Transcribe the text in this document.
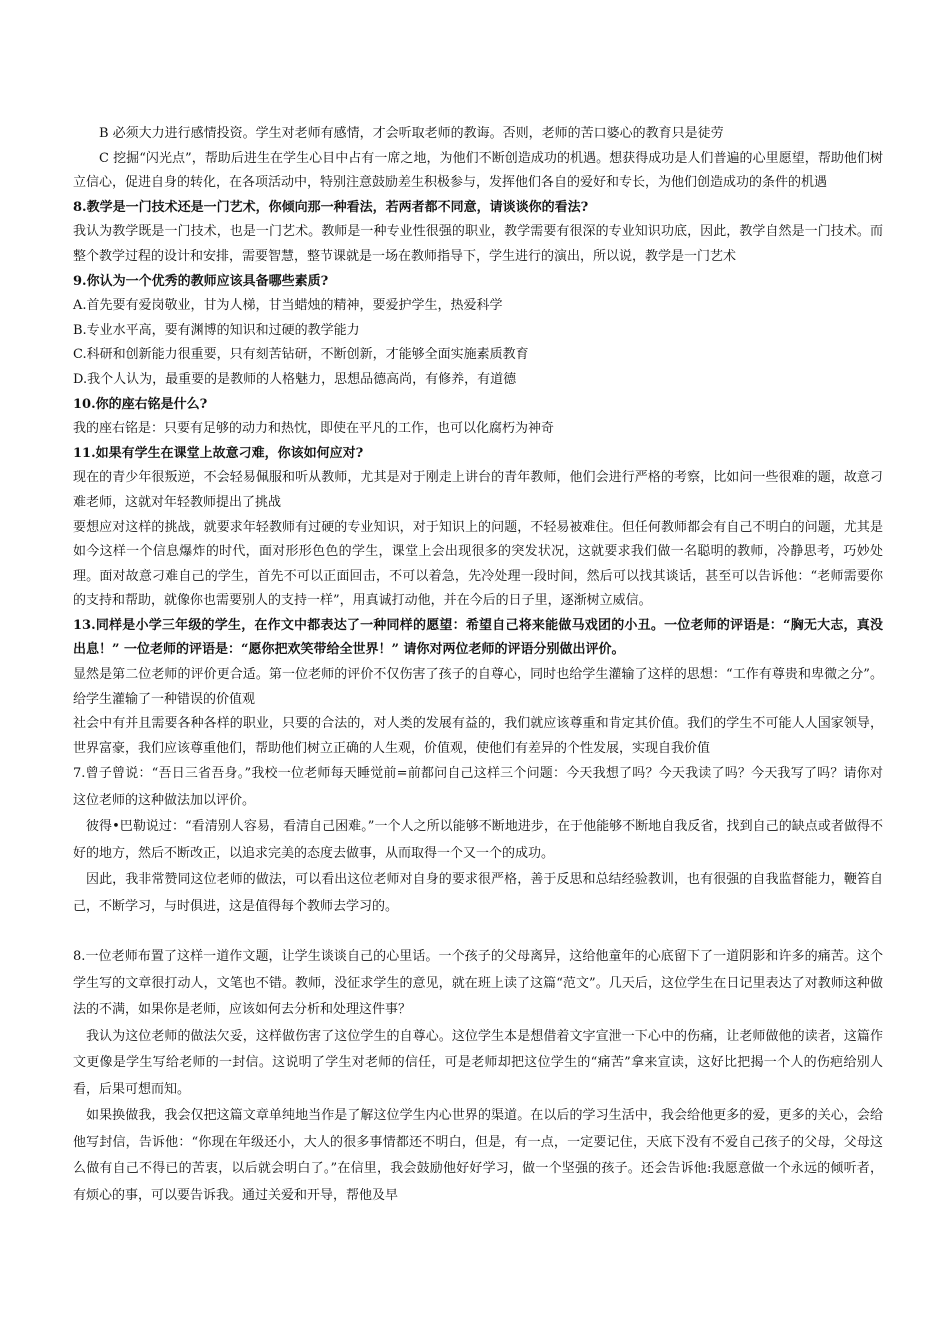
B 必须大力进行感情投资。学生对老师有感情，才会听取老师的教诲。否则，老师的苦口婆心的教育只是徒劳

C 挖掘“闪光点”，帮助后进生在学生心目中占有一席之地，为他们不断创造成功的机遇。想获得成功是人们普遍的心里愿望，帮助他们树立信心，促进自身的转化，在各项活动中，特别注意鼓励差生积极参与，发挥他们各自的爱好和专长，为他们创造成功的条件的机遇

8.教学是一门技术还是一门艺术，你倾向那一种看法，若两者都不同意，请谈谈你的看法?

我认为教学既是一门技术，也是一门艺术。教师是一种专业性很强的职业，教学需要有很深的专业知识功底，因此，教学自然是一门技术。而整个教学过程的设计和安排，需要智慧，整节课就是一场在教师指导下，学生进行的演出，所以说，教学是一门艺术

9.你认为一个优秀的教师应该具备哪些素质?

A.首先要有爱岗敬业，甘为人梯，甘当蜡烛的精神，要爱护学生，热爱科学

B.专业水平高，要有渊博的知识和过硬的教学能力

C.科研和创新能力很重要，只有刻苦钻研，不断创新，才能够全面实施素质教育

D.我个人认为，最重要的是教师的人格魅力，思想品德高尚，有修养，有道德

10.你的座右铭是什么?

我的座右铭是：只要有足够的动力和热忱，即使在平凡的工作，也可以化腐朽为神奇

11.如果有学生在课堂上故意刁难，你该如何应对?

现在的青少年很叛逆，不会轻易佩服和听从教师，尤其是对于刚走上讲台的青年教师，他们会进行严格的考察，比如问一些很难的题，故意刁难老师，这就对年轻教师提出了挑战

要想应对这样的挑战，就要求年轻教师有过硬的专业知识，对于知识上的问题，不轻易被难住。但任何教师都会有自己不明白的问题，尤其是如今这样一个信息爆炸的时代，面对形形色色的学生，课堂上会出现很多的突发状况，这就要求我们做一名聪明的教师，冷静思考，巧妙处理。面对故意刁难自己的学生，首先不可以正面回击，不可以着急，先冷处理一段时间，然后可以找其谈话，甚至可以告诉他：“老师需要你的支持和帮助，就像你也需要别人的支持一样”，用真诚打动他，并在今后的日子里，逐渐树立威信。

13.同样是小学三年级的学生，在作文中都表达了一种同样的愿望：希望自己将来能做马戏团的小丑。一位老师的评语是：“胸无大志，真没出息！” 一位老师的评语是：“愿你把欢笑带给全世界！” 请你对两位老师的评语分别做出评价。

显然是第二位老师的评价更合适。第一位老师的评价不仅伤害了孩子的自尊心，同时也给学生灌输了这样的思想：“工作有尊贵和卑微之分”。给学生灌输了一种错误的价值观

社会中有并且需要各种各样的职业，只要的合法的，对人类的发展有益的，我们就应该尊重和肯定其价值。我们的学生不可能人人国家领导，世界富豪，我们应该尊重他们，帮助他们树立正确的人生观，价值观，使他们有差异的个性发展，实现自我价值

7.曾子曾说：“吾日三省吾身。”我校一位老师每天睡觉前=前都问自己这样三个问题：今天我想了吗？今天我读了吗？今天我写了吗？请你对这位老师的这种做法加以评价。

彼得•巴勒说过：“看清别人容易，看清自己困难。”一个人之所以能够不断地进步，在于他能够不断地自我反省，找到自己的缺点或者做得不好的地方，然后不断改正，以追求完美的态度去做事，从而取得一个又一个的成功。

因此，我非常赞同这位老师的做法，可以看出这位老师对自身的要求很严格，善于反思和总结经验教训，也有很强的自我监督能力，鞭笞自己，不断学习，与时俱进，这是值得每个教师去学习的。

8.一位老师布置了这样一道作文题，让学生谈谈自己的心里话。一个孩子的父母离异，这给他童年的心底留下了一道阴影和许多的痛苦。这个学生写的文章很打动人，文笔也不错。教师，没征求学生的意见，就在班上读了这篇“范文”。几天后，这位学生在日记里表达了对教师这种做法的不满，如果你是老师，应该如何去分析和处理这件事？

我认为这位老师的做法欠妥，这样做伤害了这位学生的自尊心。这位学生本是想借着文字宣泄一下心中的伤痛，让老师做他的读者，这篇作文更像是学生写给老师的一封信。这说明了学生对老师的信任，可是老师却把这位学生的“痛苦”拿来宣读，这好比把揭一个人的伤疤给别人看，后果可想而知。

如果换做我，我会仅把这篇文章单纯地当作是了解这位学生内心世界的渠道。在以后的学习生活中，我会给他更多的爱，更多的关心，会给他写封信，告诉他：“你现在年级还小，大人的很多事情都还不明白，但是，有一点，一定要记住，天底下没有不爱自己孩子的父母，父母这么做有自己不得已的苦衷，以后就会明白了。”在信里，我会鼓励他好好学习，做一个坚强的孩子。还会告诉他:我愿意做一个永远的倾听者，有烦心的事，可以要告诉我。通过关爱和开导，帮他及早
